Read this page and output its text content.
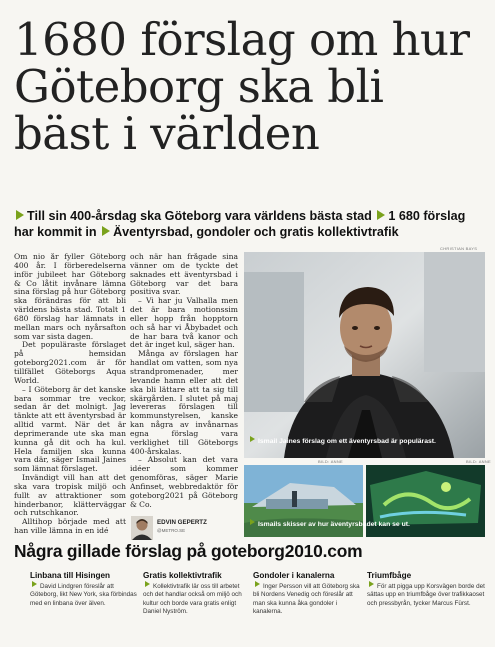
1680 förslag om hur Göteborg ska bli bäst i världen

Till sin 400-årsdag ska Göteborg vara världens bästa stad 1 680 förslag har kommit in Äventyrsbad, gondoler och gratis kollektivtrafik

CHRISTIAN BAYS

Om nio år fyller Göteborg 400 år. I förberedelserna inför jubileet har Göteborg & Co låtit invånare lämna sina förslag på hur Göteborg ska förändras för att bli världens bästa stad. Totalt 1 680 förslag har lämnats in mellan mars och nyårsafton som var sista dagen.

Det populäraste förslaget på hemsidan goteborg2021.com är för tillfället Göteborgs Aqua World.

– I Göteborg är det kanske bara sommar tre veckor, sedan är det molnigt. Jag tänkte att ett äventyrsbad är alltid varmt. När det är deprimerande ute ska man kunna gå dit och ha kul. Hela familjen ska kunna vara där, säger Ismail Jaines som lämnat förslaget.

Invändigt vill han att det ska vara tropisk miljö och fullt av attraktioner som hinderbanor, klätterväggar och rutschkanor.

Alltihop började med att han ville lämna in en idé

och när han frågade sina vänner om de tyckte det saknades ett äventyrsbad i Göteborg var det bara positiva svar.

– Vi har ju Valhalla men det är bara motionssim eller hopp från hopptorn och så har vi Åbybadet och de har bara två kanor och det är inget kul, säger han.

Många av förslagen har handlat om vatten, som nya strandpromenader, mer levande hamn eller att det ska bli lättare att ta sig till skärgården. I slutet på maj levereras förslagen till kommunstyrelsen, kanske kan några av invånarnas egna förslag vara verklighet till Göteborgs 400-årskalas.

– Absolut kan det vara idéer som kommer genomföras, säger Marie Anfinset, webbredaktör för goteborg2021 på Göteborg & Co.

EDVIN GEPERTZ
@METRO.SE
Ismail Jaines förslag om ett äventyrsbad är populärast.
BILD: ANNE	BILD: ANNE
Ismails skisser av hur äventyrsbadet kan se ut.
Några gillade förslag på goteborg2010.com

Linbana till Hisingen

David Lindgren föreslår att Göteborg, likt New York, ska förbindas med en linbana över älven.

Gratis kollektivtrafik

Kollektivtrafik lär oss till arbetet och det handlar också om miljö och kultur och borde vara gratis enligt Daniel Nyström.

Gondoler i kanalerna

Inger Persson vill att Göteborg ska bli Nordens Venedig och föreslår att man ska kunna åka gondoler i kanalerna.

Triumfbåge

För att pigga upp Korsvägen borde det sättas upp en triumfbåge över trafikkaoset och pressbyrån, tycker Marcus Fürst.
